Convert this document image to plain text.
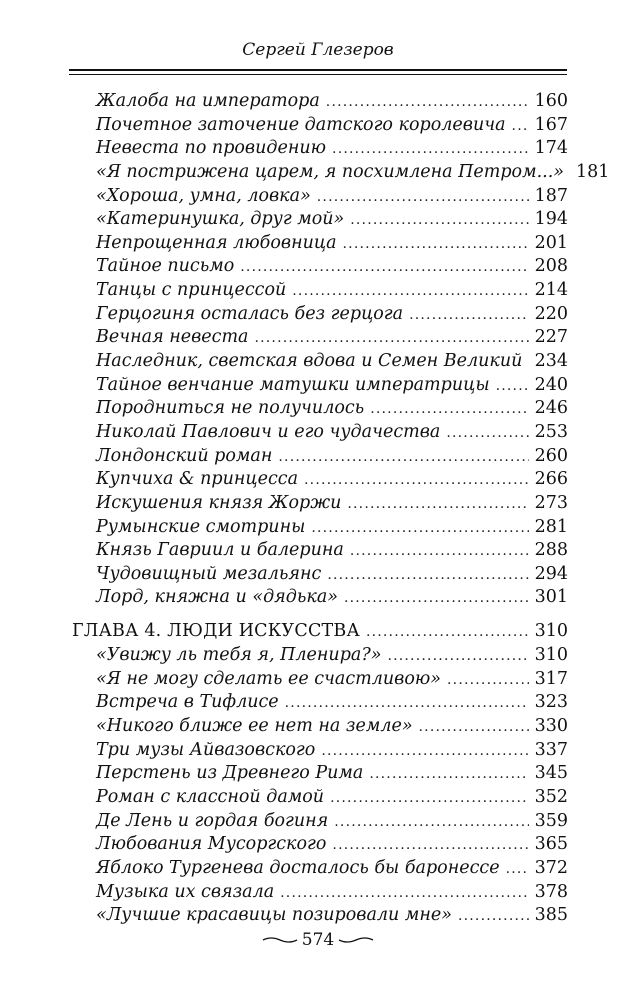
Сергей Глезеров
Жалоба на императора .....	160
Почетное заточение датского королевича ..... 167
Невеста по провидению .....	174
«Я пострижена царем, я посхимлена Петром...» 181
«Хороша, умна, ловка» .....	187
«Катеринушка, друг мой» .....	194
Непрощенная любовница .....	201
Тайное письмо .....	208
Танцы с принцессой .....	214
Герцогиня осталась без герцога .....	220
Вечная невеста .....	227
Наследник, светская вдова и Семен Великий ..... 234
Тайное венчание матушки императрицы .....	240
Породниться не получилось .....	246
Николай Павлович и его чудачества .....	253
Лондонский роман .....	260
Купчиха & принцесса .....	266
Искушения князя Жоржи .....	273
Румынские смотрины .....	281
Князь Гавриил и балерина .....	288
Чудовищный мезальянс .....	294
Лорд, княжна и «дядька» .....	301
ГЛАВА 4. ЛЮДИ ИСКУССТВА .....	310
«Увижу ль тебя я, Пленира?» .....	310
«Я не могу сделать ее счастливою» .....	317
Встреча в Тифлисе .....	323
«Никого ближе ее нет на земле» .....	330
Три музы Айвазовского .....	337
Перстень из Древнего Рима .....	345
Роман с классной дамой .....	352
Де Лень и гордая богиня .....	359
Любования Мусоргского .....	365
Яблоко Тургенева досталось бы баронессе ..... 372
Музыка их связала .....	378
«Лучшие красавицы позировали мне» .....	385
574
